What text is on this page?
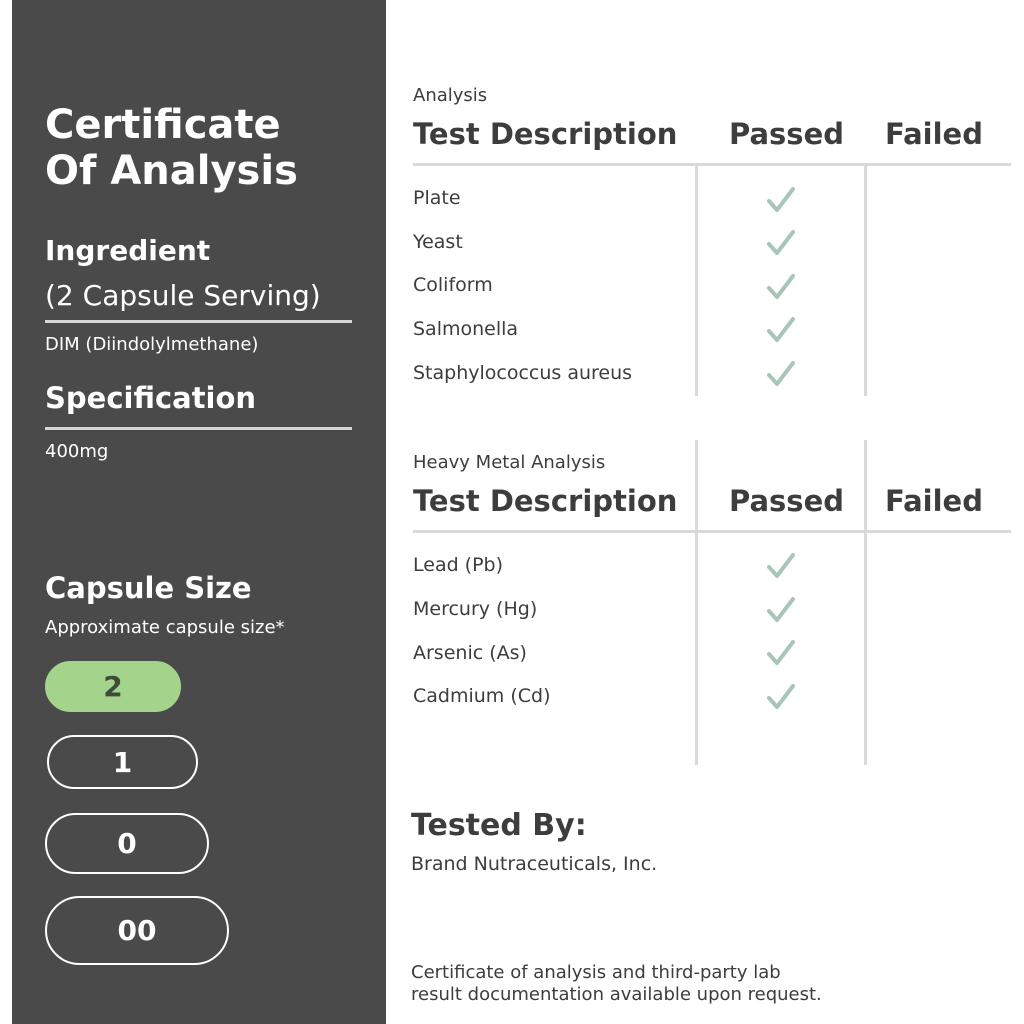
Certificate
Of Analysis
Ingredient
(2 Capsule Serving)
DIM (Diindolylmethane)
Specification
400mg
Capsule Size
Approximate capsule size*
2
1
0
00
Analysis
Test Description Passed Failed
Plate
Yeast
Coliform
Salmonella
Staphylococcus aureus
Heavy Metal Analysis
Test Description Passed Failed
Lead (Pb)
Mercury (Hg)
Arsenic (As)
Cadmium (Cd)
Tested By:
Brand Nutraceuticals, Inc.
Certificate of analysis and third-party lab
result documentation available upon request.
